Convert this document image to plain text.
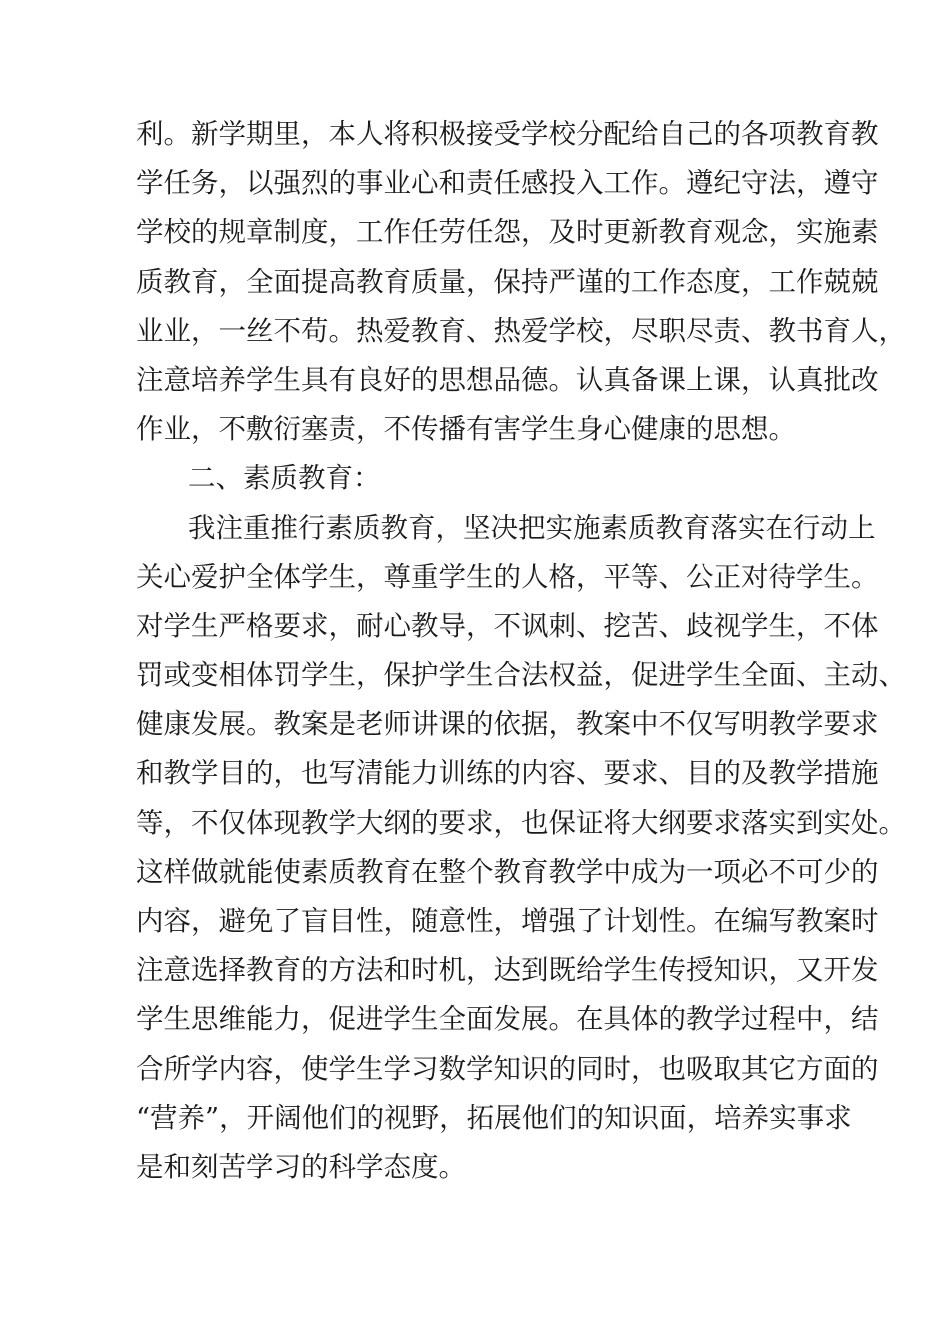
利。新学期里，本人将积极接受学校分配给自己的各项教育教
学任务，以强烈的事业心和责任感投入工作。遵纪守法，遵守
学校的规章制度，工作任劳任怨，及时更新教育观念，实施素
质教育，全面提高教育质量，保持严谨的工作态度，工作兢兢
业业，一丝不苟。热爱教育、热爱学校，尽职尽责、教书育人，
注意培养学生具有良好的思想品德。认真备课上课，认真批改
作业，不敷衍塞责，不传播有害学生身心健康的思想。
二、素质教育：
我注重推行素质教育，坚决把实施素质教育落实在行动上
关心爱护全体学生，尊重学生的人格，平等、公正对待学生。
对学生严格要求，耐心教导，不讽刺、挖苦、歧视学生，不体
罚或变相体罚学生，保护学生合法权益，促进学生全面、主动、
健康发展。教案是老师讲课的依据，教案中不仅写明教学要求
和教学目的，也写清能力训练的内容、要求、目的及教学措施
等，不仅体现教学大纲的要求，也保证将大纲要求落实到实处。
这样做就能使素质教育在整个教育教学中成为一项必不可少的
内容，避免了盲目性，随意性，增强了计划性。在编写教案时
注意选择教育的方法和时机，达到既给学生传授知识，又开发
学生思维能力，促进学生全面发展。在具体的教学过程中，结
合所学内容，使学生学习数学知识的同时，也吸取其它方面的
“营养”，开阔他们的视野，拓展他们的知识面，培养实事求
是和刻苦学习的科学态度。
